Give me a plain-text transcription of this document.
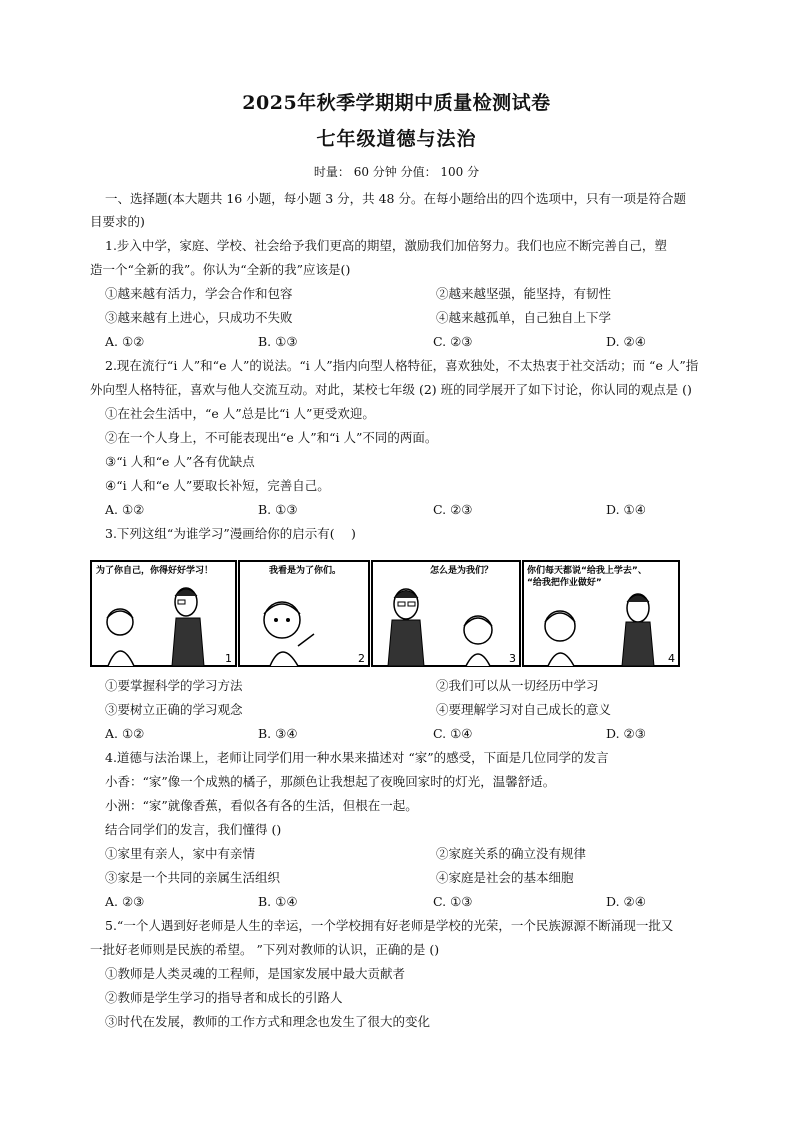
2025年秋季学期期中质量检测试卷
七年级道德与法治
时量： 60 分钟 分值： 100 分
一、选择题(本大题共 16 小题，每小题 3 分，共 48 分。在每小题给出的四个选项中，只有一项是符合题
目要求的)
1.步入中学，家庭、学校、社会给予我们更高的期望，激励我们加倍努力。我们也应不断完善自己，塑
造一个“全新的我”。你认为“全新的我”应该是()
①越来越有活力，学会合作和包容	②越来越坚强，能坚持，有韧性
③越来越有上进心，只成功不失败	④越来越孤单，自己独自上下学
A. ①②	B. ①③	C. ②③	D. ②④
2.现在流行“i 人”和“e 人”的说法。“i 人”指内向型人格特征，喜欢独处，不太热衷于社交活动；而 “e 人”指
外向型人格特征，喜欢与他人交流互动。对此，某校七年级 (2) 班的同学展开了如下讨论，你认同的观点是 ()
①在社会生活中，“e 人”总是比“i 人”更受欢迎。
②在一个人身上，不可能表现出“e 人”和“i 人”不同的两面。
③“i 人和“e 人”各有优缺点
④“i 人和“e 人”要取长补短，完善自己。
A. ①②	B. ①③	C. ②③	D. ①④
3.下列这组“为谁学习”漫画给你的启示有(　 )
为了你自己，你得好好学习！
1
我看是为了你们。
2
怎么是为我们？
3
你们每天都说“给我上学去”、
“给我把作业做好”
4
①要掌握科学的学习方法	②我们可以从一切经历中学习
③要树立正确的学习观念	④要理解学习对自己成长的意义
A. ①②	B. ③④	C. ①④	D. ②③
4.道德与法治课上，老师让同学们用一种水果来描述对 “家”的感受，下面是几位同学的发言
小香：“家”像一个成熟的橘子，那颜色让我想起了夜晚回家时的灯光，温馨舒适。
小洲：“家”就像香蕉，看似各有各的生活，但根在一起。
结合同学们的发言，我们懂得 ()
①家里有亲人，家中有亲情	②家庭关系的确立没有规律
③家是一个共同的亲属生活组织	④家庭是社会的基本细胞
A. ②③	B. ①④	C. ①③	D. ②④
5.“一个人遇到好老师是人生的幸运，一个学校拥有好老师是学校的光荣，一个民族源源不断涌现一批又
一批好老师则是民族的希望。 ”下列对教师的认识，正确的是 ()
①教师是人类灵魂的工程师，是国家发展中最大贡献者
②教师是学生学习的指导者和成长的引路人
③时代在发展，教师的工作方式和理念也发生了很大的变化
